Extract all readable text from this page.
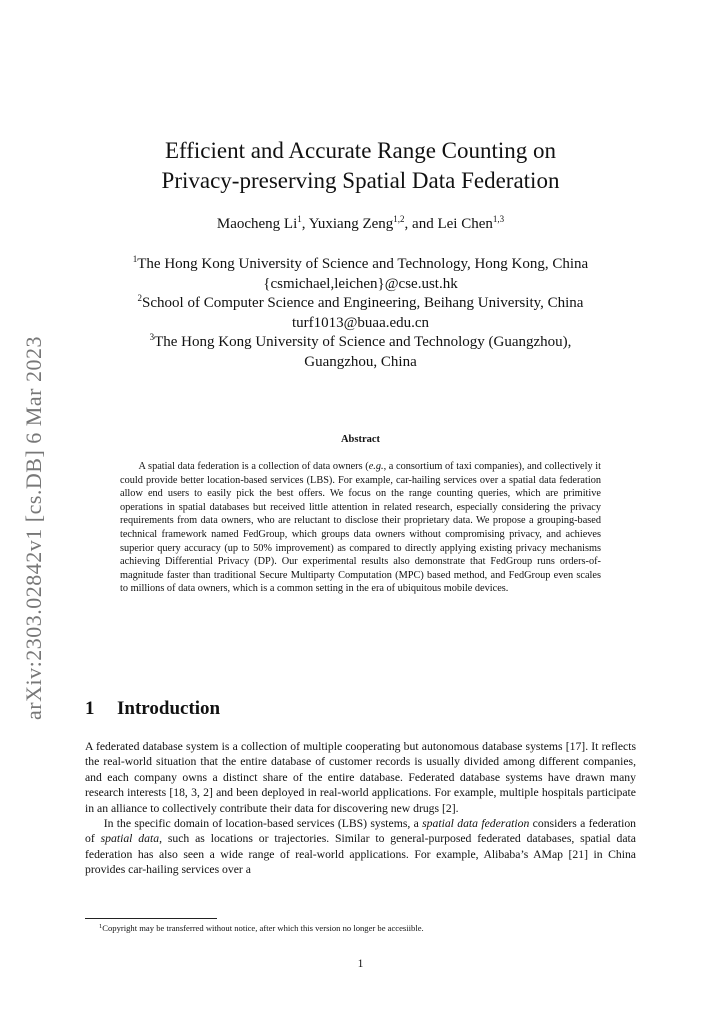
arXiv:2303.02842v1 [cs.DB] 6 Mar 2023
Efficient and Accurate Range Counting on
Privacy-preserving Spatial Data Federation
Maocheng Li$^1$, Yuxiang Zeng$^{1,2}$, and Lei Chen$^{1,3}$
$^1$The Hong Kong University of Science and Technology, Hong Kong, China
{csmichael,leichen}@cse.ust.hk
$^2$School of Computer Science and Engineering, Beihang University, China
turf1013@buaa.edu.cn
$^3$The Hong Kong University of Science and Technology (Guangzhou),
Guangzhou, China
Abstract
A spatial data federation is a collection of data owners (e.g., a consortium of taxi companies), and collectively it could provide better location-based services (LBS). For example, car-hailing services over a spatial data federation allow end users to easily pick the best offers. We focus on the range counting queries, which are primitive operations in spatial databases but received little attention in related research, especially considering the privacy requirements from data owners, who are reluctant to disclose their proprietary data. We propose a grouping-based technical framework named FedGroup, which groups data owners without compromising privacy, and achieves superior query accuracy (up to 50% improvement) as compared to directly applying existing privacy mechanisms achieving Differential Privacy (DP). Our experimental results also demonstrate that FedGroup runs orders-of-magnitude faster than traditional Secure Multiparty Computation (MPC) based method, and FedGroup even scales to millions of data owners, which is a common setting in the era of ubiquitous mobile devices.
1 Introduction

A federated database system is a collection of multiple cooperating but autonomous database systems [17]. It reflects the real-world situation that the entire database of customer records is usually divided among different companies, and each company owns a distinct share of the entire database. Federated database systems have drawn many research interests [18, 3, 2] and been deployed in real-world applications. For example, multiple hospitals participate in an alliance to collectively contribute their data for discovering new drugs [2].

In the specific domain of location-based services (LBS) systems, a spatial data federation considers a federation of spatial data, such as locations or trajectories. Similar to general-purposed federated databases, spatial data federation has also seen a wide range of real-world applications. For example, Alibaba’s AMap [21] in China provides car-hailing services over a

$^1$Copyright may be transferred without notice, after which this version no longer be accesiible.
1
